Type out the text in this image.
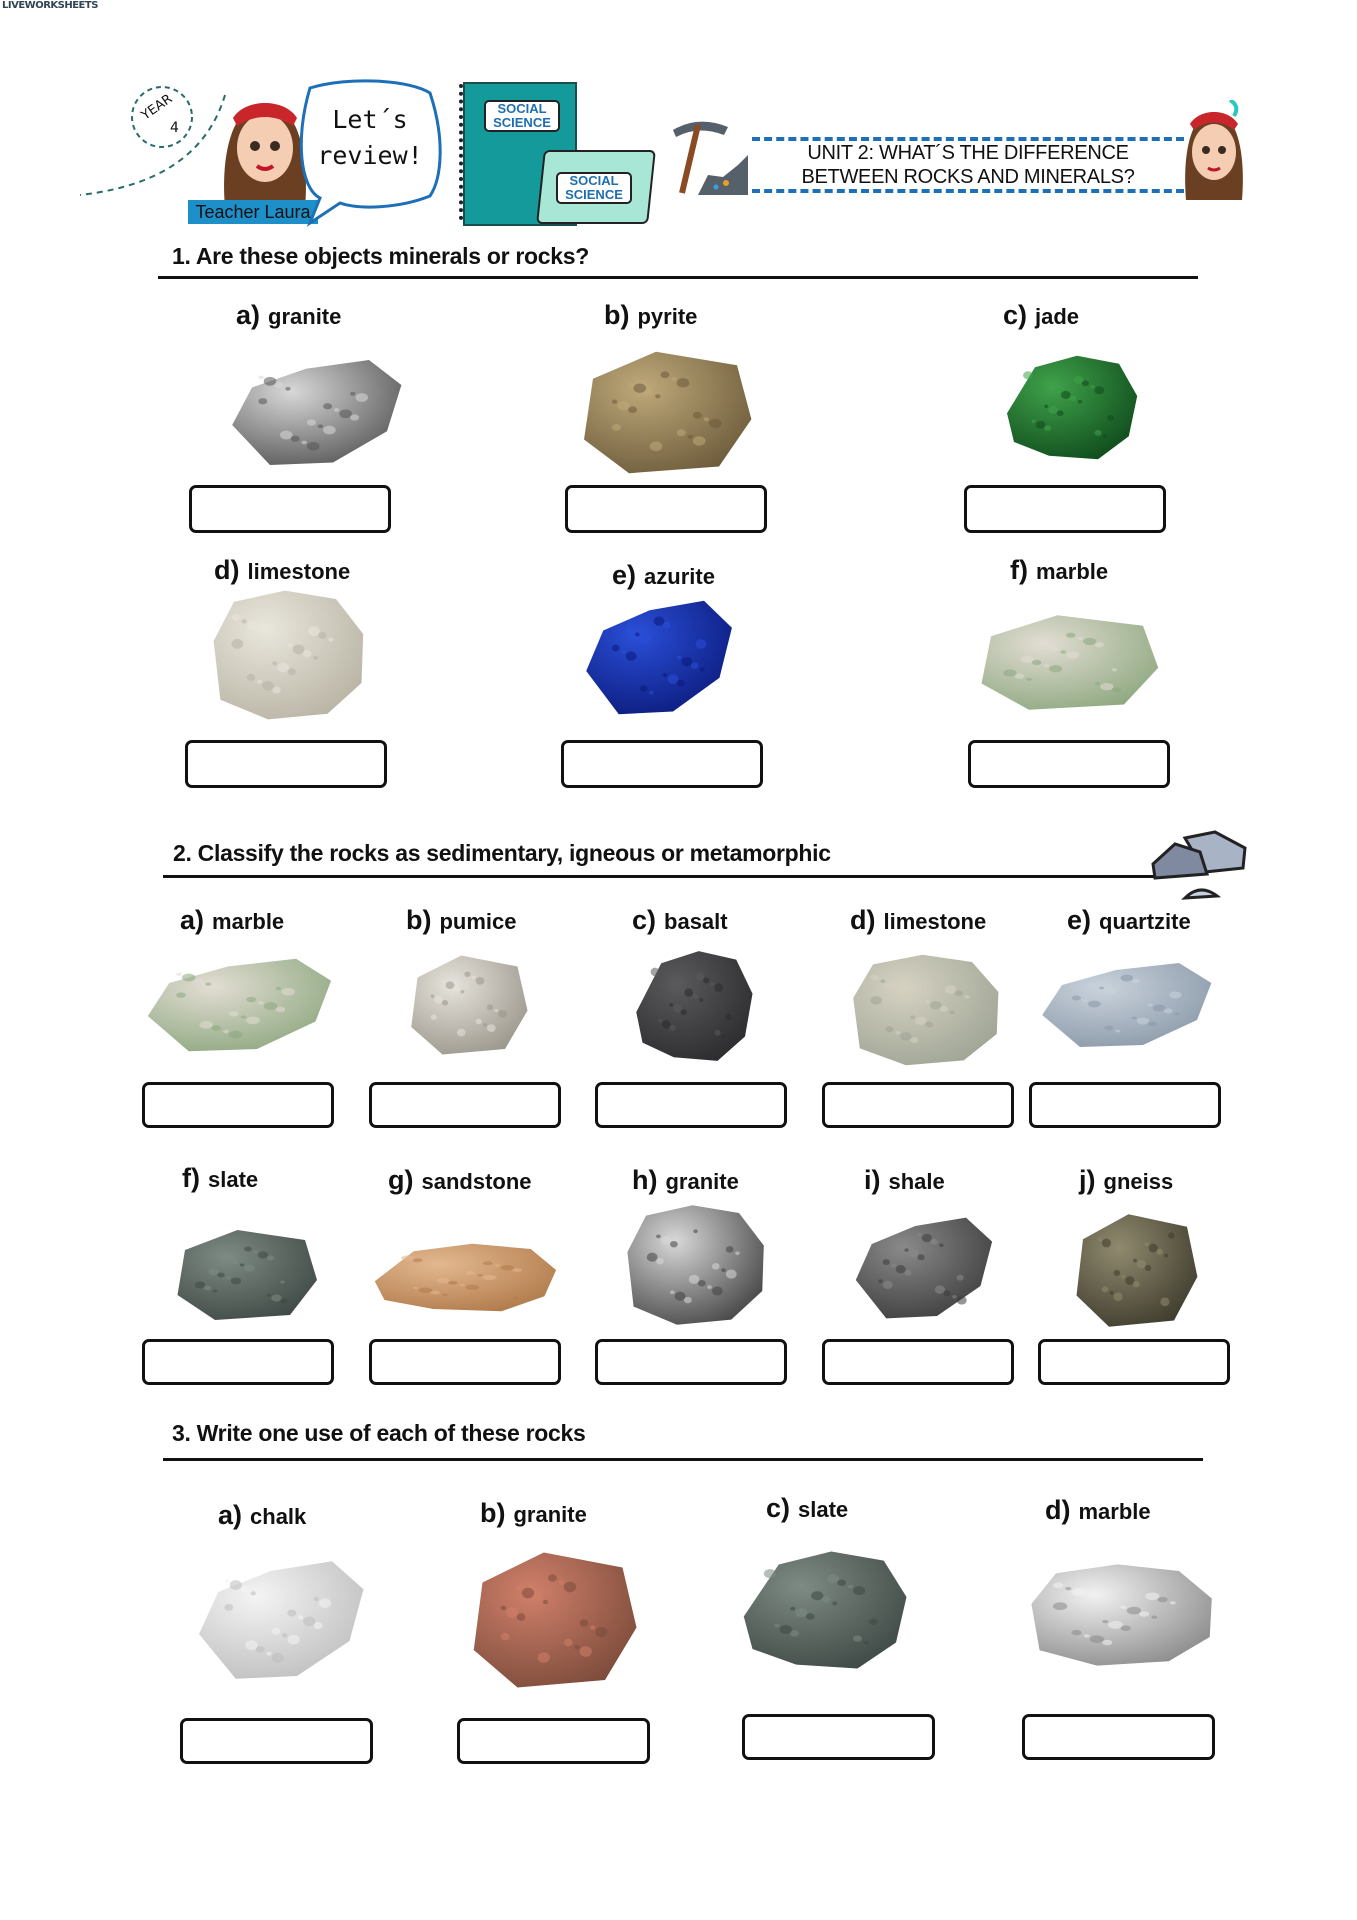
LIVEWORKSHEETS
YEAR
4
Teacher Laura
Let´s
review!
SOCIAL SCIENCE
SOCIAL SCIENCE
UNIT 2: WHAT´S THE DIFFERENCE
BETWEEN ROCKS AND MINERALS?
1. Are these objects minerals or rocks?
a) granite	b) pyrite	c) jade
d) limestone	e) azurite	f) marble
2. Classify the rocks as sedimentary, igneous or metamorphic
a) marble	b) pumice	c) basalt	d) limestone	e) quartzite
f) slate	g) sandstone	h) granite	i) shale	j) gneiss
3. Write one use of each of these rocks
a) chalk	b) granite	c) slate	d) marble
